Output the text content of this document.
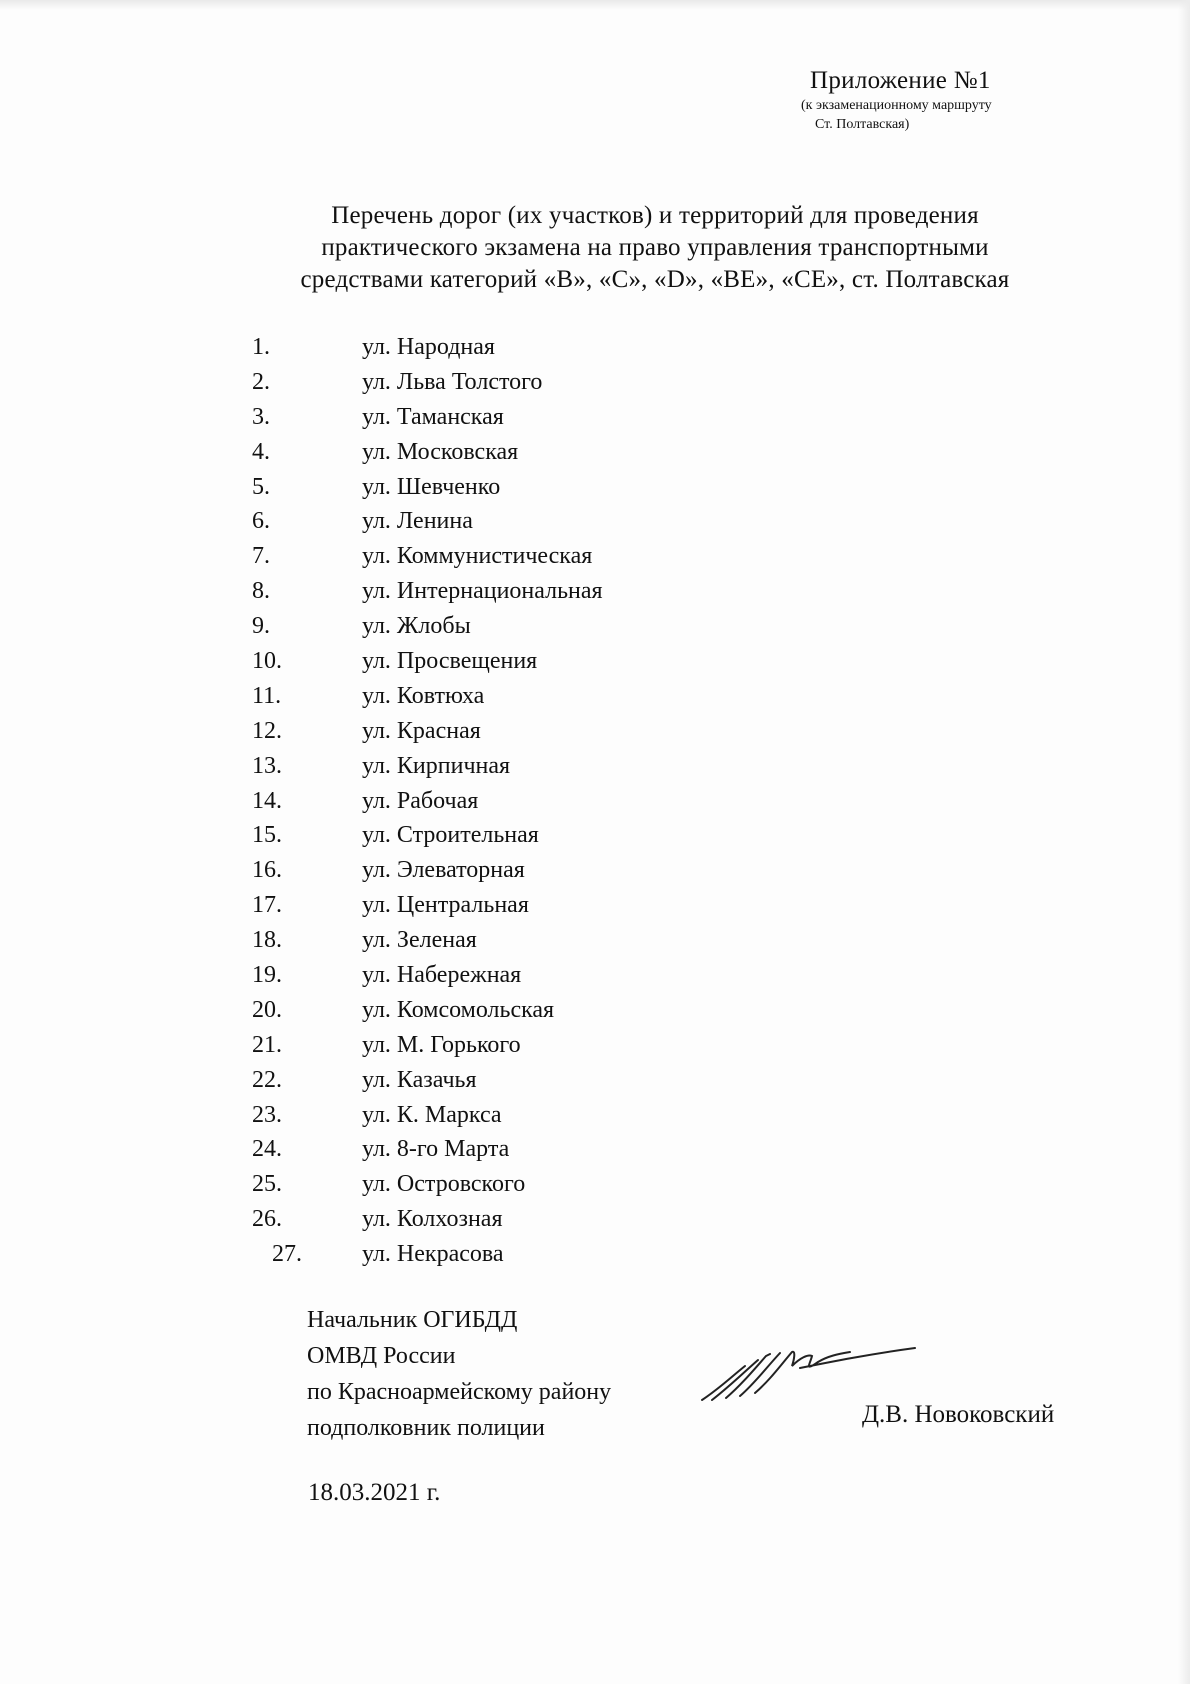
Приложение №1
(к экзаменационному маршруту
Ст. Полтавская)
Перечень дорог (их участков) и территорий для проведения
практического экзамена на право управления транспортными
средствами категорий «В», «С», «D», «ВЕ», «СЕ», ст. Полтавская
1.	ул. Народная
2.	ул. Льва Толстого
3.	ул. Таманская
4.	ул. Московская
5.	ул. Шевченко
6.	ул. Ленина
7.	ул. Коммунистическая
8.	ул. Интернациональная
9.	ул. Жлобы
10.	ул. Просвещения
11.	ул. Ковтюха
12.	ул. Красная
13.	ул. Кирпичная
14.	ул. Рабочая
15.	ул. Строительная
16.	ул. Элеваторная
17.	ул. Центральная
18.	ул. Зеленая
19.	ул. Набережная
20.	ул. Комсомольская
21.	ул. М. Горького
22.	ул. Казачья
23.	ул. К. Маркса
24.	ул. 8-го Марта
25.	ул. Островского
26.	ул. Колхозная
27.	ул. Некрасова
Начальник ОГИБДД
ОМВД России
по Красноармейскому району
подполковник полиции	Д.В. Новоковский
18.03.2021 г.
